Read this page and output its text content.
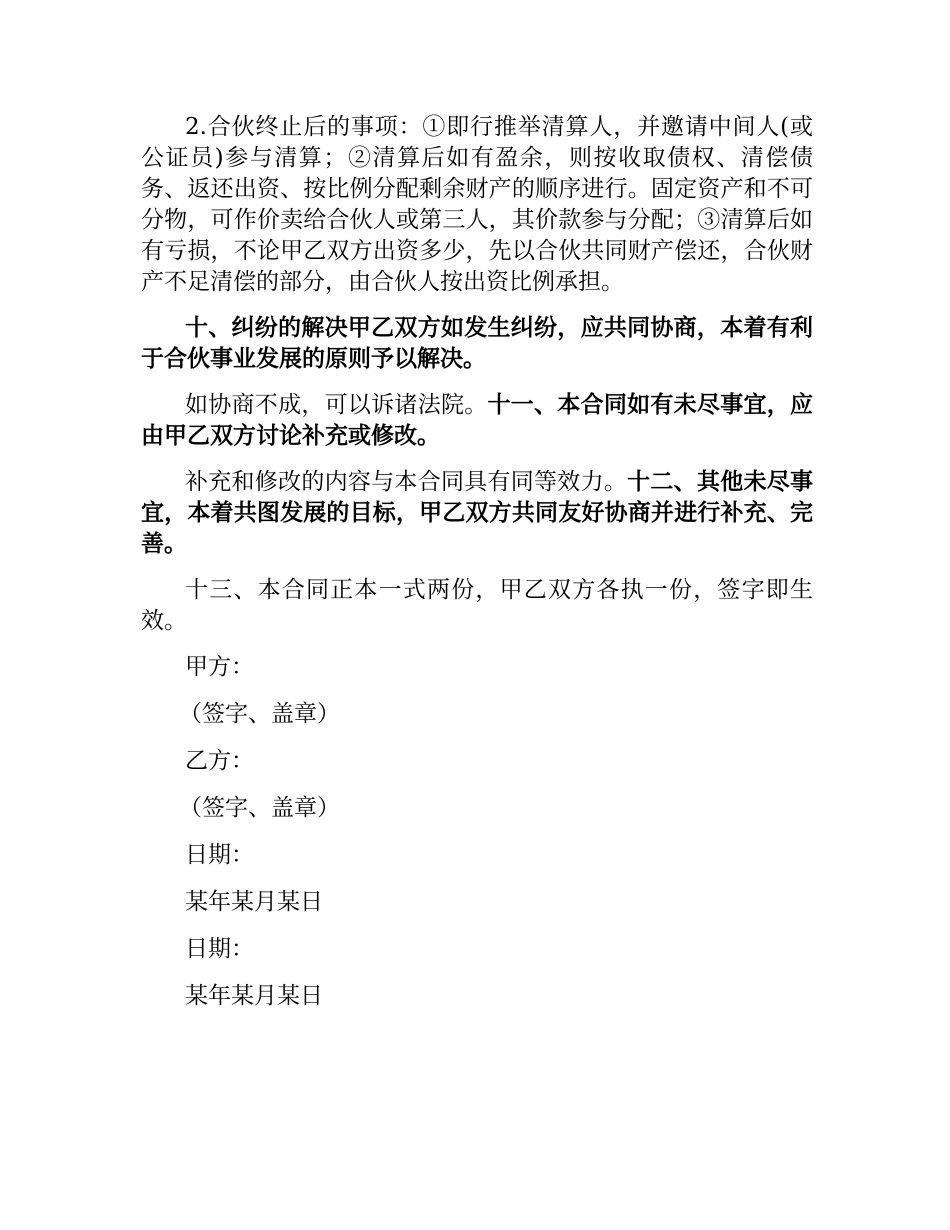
2.合伙终止后的事项：①即行推举清算人，并邀请中间人(或公证员)参与清算；②清算后如有盈余，则按收取债权、清偿债务、返还出资、按比例分配剩余财产的顺序进行。固定资产和不可分物，可作价卖给合伙人或第三人，其价款参与分配；③清算后如有亏损，不论甲乙双方出资多少，先以合伙共同财产偿还，合伙财产不足清偿的部分，由合伙人按出资比例承担。

十、纠纷的解决甲乙双方如发生纠纷，应共同协商，本着有利于合伙事业发展的原则予以解决。

如协商不成，可以诉诸法院。十一、本合同如有未尽事宜，应由甲乙双方讨论补充或修改。

补充和修改的内容与本合同具有同等效力。十二、其他未尽事宜，本着共图发展的目标，甲乙双方共同友好协商并进行补充、完善。

十三、本合同正本一式两份，甲乙双方各执一份，签字即生效。

甲方：
（签字、盖章）
乙方：
（签字、盖章）
日期：
某年某月某日
日期：
某年某月某日
